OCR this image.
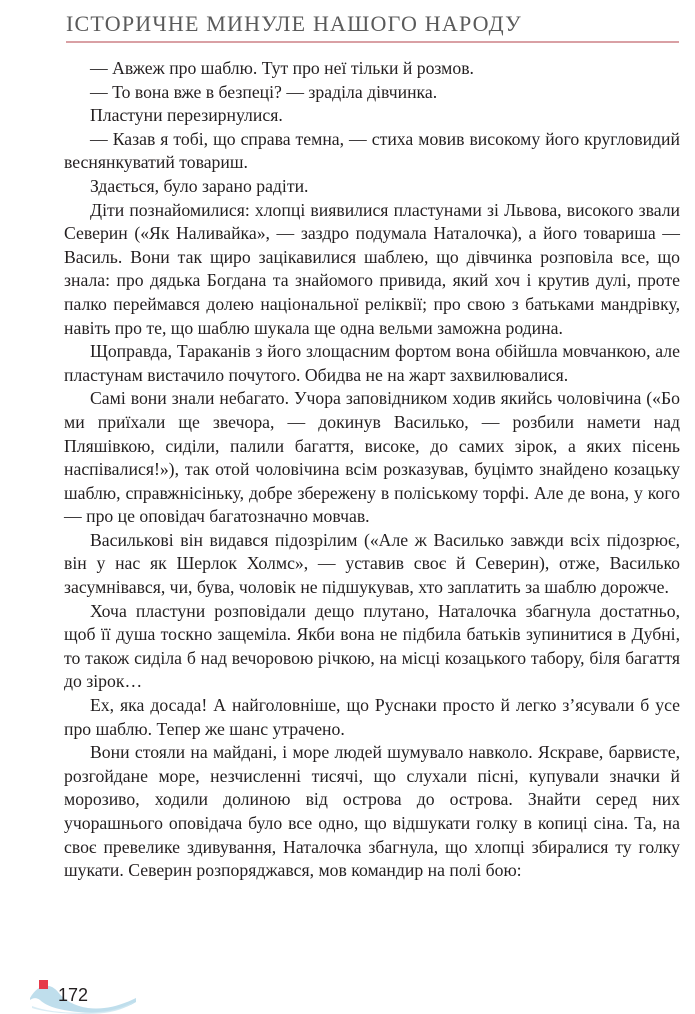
ІСТОРИЧНЕ МИНУЛЕ НАШОГО НАРОДУ

— Авжеж про шаблю. Тут про неї тільки й розмов.

— То вона вже в безпеці? — зраділа дівчинка.

Пластуни перезирнулися.

— Казав я тобі, що справа темна, — стиха мовив високому його кругловидий веснянкуватий товариш.

Здається, було зарано радіти.

Діти познайомилися: хлопці виявилися пластунами зі Львова, високого звали Северин («Як Наливайка», — заздро подумала Наталочка), а його товариша — Василь. Вони так щиро зацікавилися шаблею, що дівчинка розповіла все, що знала: про дядька Богдана та знайомого привида, який хоч і крутив дулі, проте палко переймався долею національної реліквії; про свою з батьками мандрівку, навіть про те, що шаблю шукала ще одна вельми заможна родина.

Щоправда, Тараканів з його злощасним фортом вона обійшла мовчанкою, але пластунам вистачило почутого. Обидва не на жарт захвилювалися.

Самі вони знали небагато. Учора заповідником ходив якийсь чоловічина («Бо ми приїхали ще звечора, — докинув Василько, — розбили намети над Пляшівкою, сиділи, палили багаття, високе, до самих зірок, а яких пісень наспівалися!»), так отой чоловічина всім розказував, буцімто знайдено козацьку шаблю, справжнісіньку, добре збережену в поліському торфі. Але де вона, у кого — про це оповідач багатозначно мовчав.

Василькові він видався підозрілим («Але ж Василько завжди всіх підозрює, він у нас як Шерлок Холмс», — уставив своє й Северин), отже, Василько засумнівався, чи, бува, чоловік не підшукував, хто заплатить за шаблю дорожче.

Хоча пластуни розповідали дещо плутано, Наталочка збагнула достатньо, щоб її душа тоскно защеміла. Якби вона не підбила батьків зупинитися в Дубні, то також сиділа б над вечоровою річкою, на місці козацького табору, біля багаття до зірок…

Ех, яка досада! А найголовніше, що Руснаки просто й легко з’ясували б усе про шаблю. Тепер же шанс утрачено.

Вони стояли на майдані, і море людей шумувало навколо. Яскраве, барвисте, розгойдане море, незчисленні тисячі, що слухали пісні, купували значки й морозиво, ходили долиною від острова до острова. Знайти серед них учорашнього оповідача було все одно, що відшукати голку в копиці сіна. Та, на своє превелике здивування, Наталочка збагнула, що хлопці збиралися ту голку шукати. Северин розпоряджався, мов командир на полі бою:

172
